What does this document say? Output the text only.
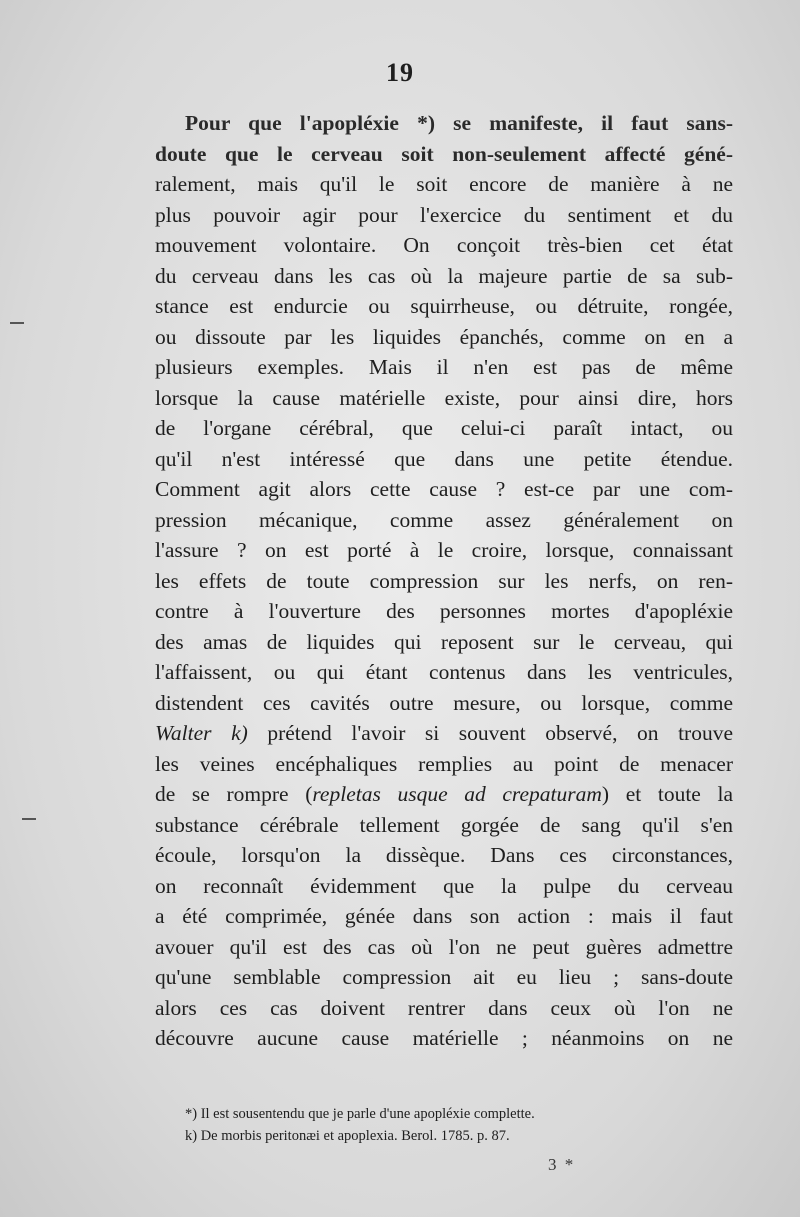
19
Pour que l'apopléxie *) se manifeste, il faut sans-
doute que le cerveau soit non-seulement affecté géné-
ralement, mais qu'il le soit encore de manière à ne
plus pouvoir agir pour l'exercice du sentiment et du
mouvement volontaire. On conçoit très-bien cet état
du cerveau dans les cas où la majeure partie de sa sub-
stance est endurcie ou squirrheuse, ou détruite, rongée,
ou dissoute par les liquides épanchés, comme on en a
plusieurs exemples. Mais il n'en est pas de même
lorsque la cause matérielle existe, pour ainsi dire, hors
de l'organe cérébral, que celui-ci paraît intact, ou
qu'il n'est intéressé que dans une petite étendue.
Comment agit alors cette cause ? est-ce par une com-
pression mécanique, comme assez généralement on
l'assure ? on est porté à le croire, lorsque, connaissant
les effets de toute compression sur les nerfs, on ren-
contre à l'ouverture des personnes mortes d'apopléxie
des amas de liquides qui reposent sur le cerveau, qui
l'affaissent, ou qui étant contenus dans les ventricules,
distendent ces cavités outre mesure, ou lorsque, comme
Walter k) prétend l'avoir si souvent observé, on trouve
les veines encéphaliques remplies au point de menacer
de se rompre (repletas usque ad crepaturam) et toute la
substance cérébrale tellement gorgée de sang qu'il s'en
écoule, lorsqu'on la dissèque. Dans ces circonstances,
on reconnaît évidemment que la pulpe du cerveau
a été comprimée, génée dans son action : mais il faut
avouer qu'il est des cas où l'on ne peut guères admettre
qu'une semblable compression ait eu lieu ; sans-doute
alors ces cas doivent rentrer dans ceux où l'on ne
découvre aucune cause matérielle ; néanmoins on ne
*) Il est sousentendu que je parle d'une apopléxie complette.
k) De morbis peritonæi et apoplexia. Berol. 1785. p. 87.
3 *
